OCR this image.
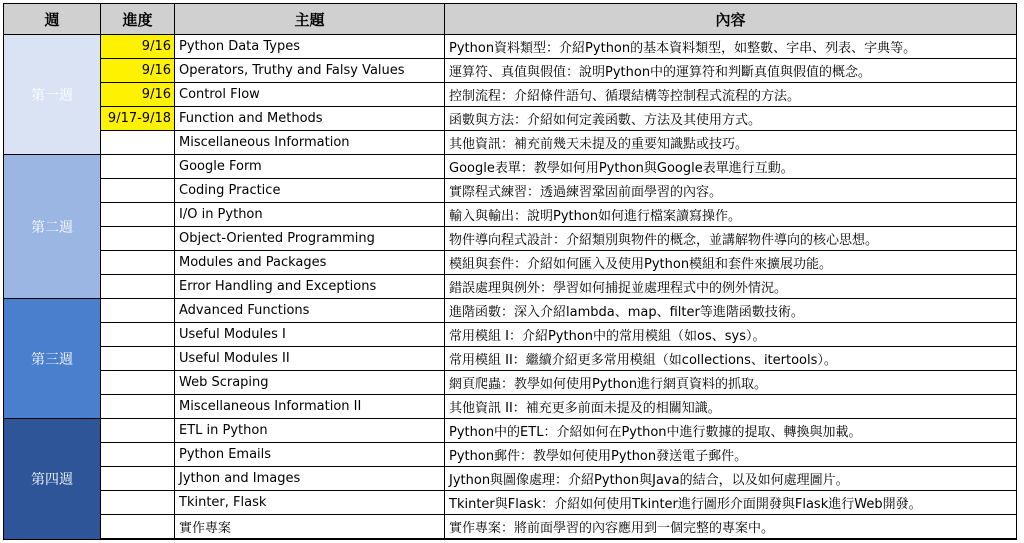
週	進度	主題	內容
第一週	9/16	Python Data Types	Python資料類型：介紹Python的基本資料類型，如整數、字串、列表、字典等。
	9/16	Operators, Truthy and Falsy Values	運算符、真值與假值：說明Python中的運算符和判斷真值與假值的概念。
	9/16	Control Flow	控制流程：介紹條件語句、循環結構等控制程式流程的方法。
	9/17-9/18	Function and Methods	函數與方法：介紹如何定義函數、方法及其使用方式。
		Miscellaneous Information	其他資訊：補充前幾天未提及的重要知識點或技巧。
第二週		Google Form	Google表單：教學如何用Python與Google表單進行互動。
		Coding Practice	實際程式練習：透過練習鞏固前面學習的內容。
		I/O in Python	輸入與輸出：說明Python如何進行檔案讀寫操作。
		Object-Oriented Programming	物件導向程式設計：介紹類別與物件的概念，並講解物件導向的核心思想。
		Modules and Packages	模組與套件：介紹如何匯入及使用Python模組和套件來擴展功能。
		Error Handling and Exceptions	錯誤處理與例外：學習如何捕捉並處理程式中的例外情況。
第三週		Advanced Functions	進階函數：深入介紹lambda、map、filter等進階函數技術。
		Useful Modules I	常用模組 I：介紹Python中的常用模組（如os、sys）。
		Useful Modules II	常用模組 II：繼續介紹更多常用模組（如collections、itertools）。
		Web Scraping	網頁爬蟲：教學如何使用Python進行網頁資料的抓取。
		Miscellaneous Information II	其他資訊 II：補充更多前面未提及的相關知識。
第四週		ETL in Python	Python中的ETL：介紹如何在Python中進行數據的提取、轉換與加載。
		Python Emails	Python郵件：教學如何使用Python發送電子郵件。
		Jython and Images	Jython與圖像處理：介紹Python與Java的結合，以及如何處理圖片。
		Tkinter, Flask	Tkinter與Flask：介紹如何使用Tkinter進行圖形介面開發與Flask進行Web開發。
		實作專案	實作專案：將前面學習的內容應用到一個完整的專案中。
